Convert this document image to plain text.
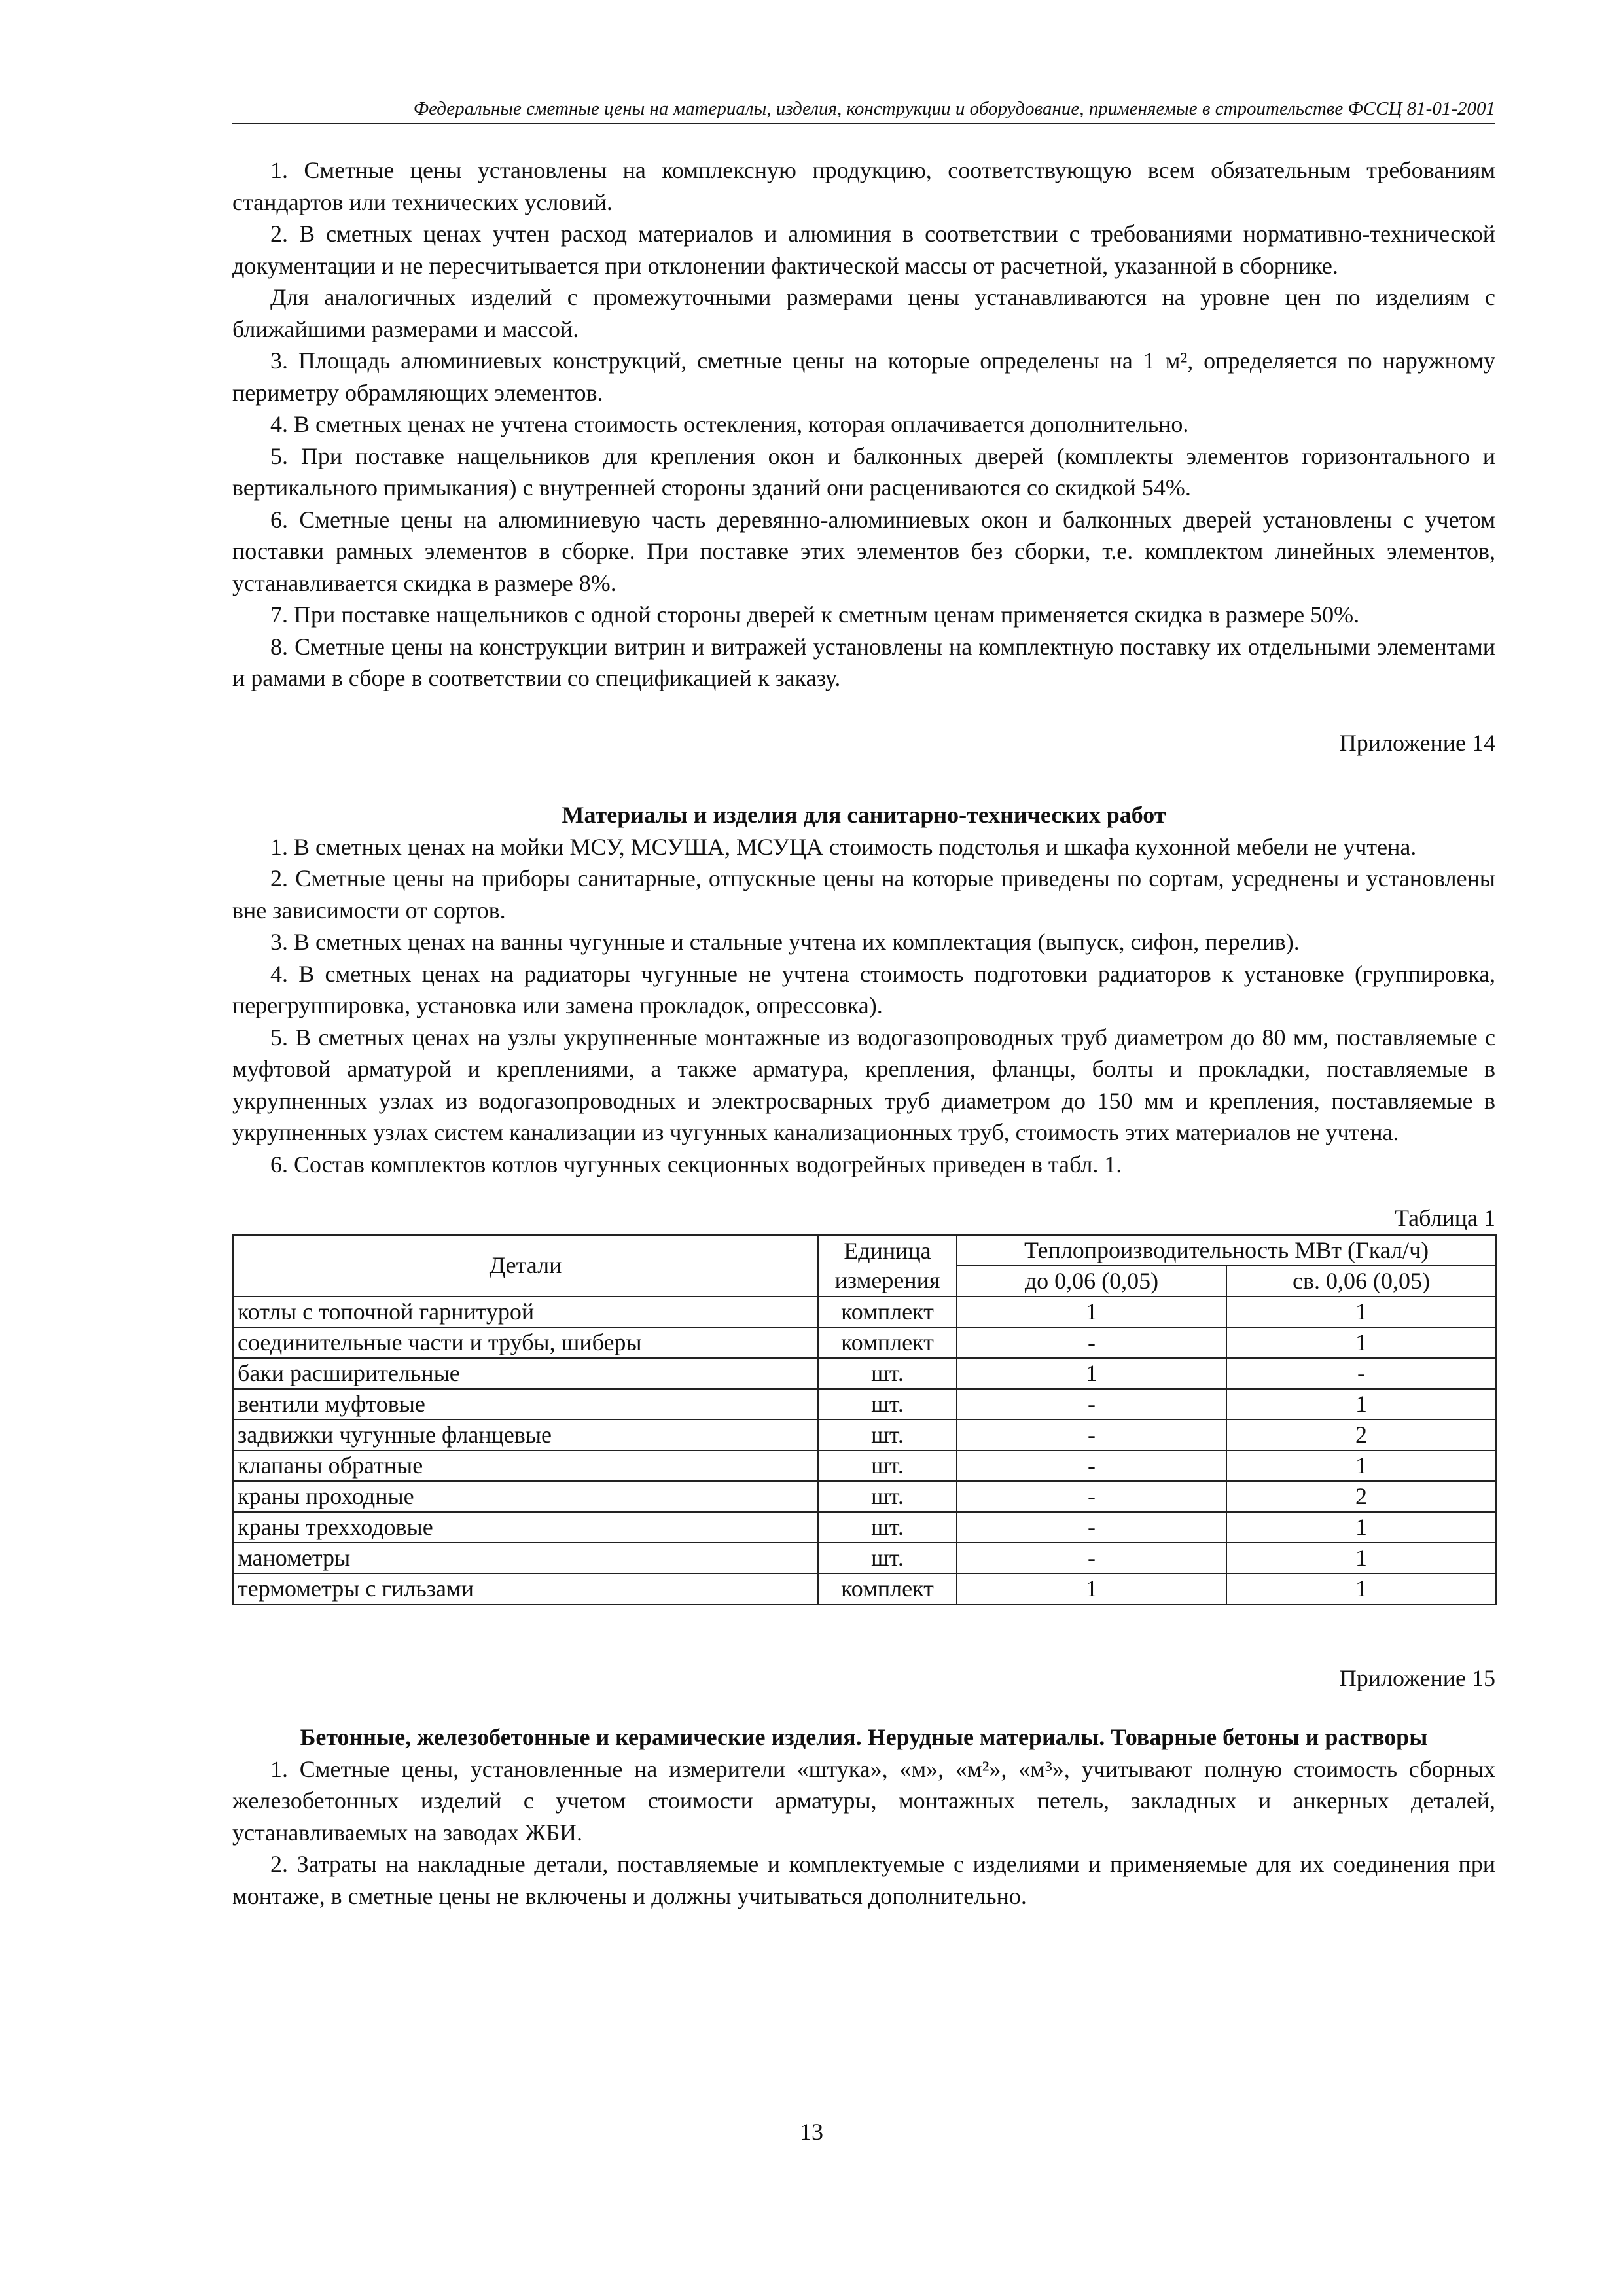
Федеральные сметные цены на материалы, изделия, конструкции и оборудование, применяемые в строительстве ФССЦ 81-01-2001

1. Сметные цены установлены на комплексную продукцию, соответствующую всем обязательным требованиям стандартов или технических условий.

2. В сметных ценах учтен расход материалов и алюминия в соответствии с требованиями нормативно-технической документации и не пересчитывается при отклонении фактической массы от расчетной, указанной в сборнике.

Для аналогичных изделий с промежуточными размерами цены устанавливаются на уровне цен по изделиям с ближайшими размерами и массой.

3. Площадь алюминиевых конструкций, сметные цены на которые определены на 1 м², определяется по наружному периметру обрамляющих элементов.

4. В сметных ценах не учтена стоимость остекления, которая оплачивается дополнительно.

5. При поставке нащельников для крепления окон и балконных дверей (комплекты элементов горизонтального и вертикального примыкания) с внутренней стороны зданий они расцениваются со скидкой 54%.

6. Сметные цены на алюминиевую часть деревянно-алюминиевых окон и балконных дверей установлены с учетом поставки рамных элементов в сборке. При поставке этих элементов без сборки, т.е. комплектом линейных элементов, устанавливается скидка в размере 8%.

7. При поставке нащельников с одной стороны дверей к сметным ценам применяется скидка в размере 50%.

8. Сметные цены на конструкции витрин и витражей установлены на комплектную поставку их отдельными элементами и рамами в сборе в соответствии со спецификацией к заказу.

Приложение 14

Материалы и изделия для санитарно-технических работ

1. В сметных ценах на мойки МСУ, МСУША, МСУЦА стоимость подстолья и шкафа кухонной мебели не учтена.

2. Сметные цены на приборы санитарные, отпускные цены на которые приведены по сортам, усреднены и установлены вне зависимости от сортов.

3. В сметных ценах на ванны чугунные и стальные учтена их комплектация (выпуск, сифон, перелив).

4. В сметных ценах на радиаторы чугунные не учтена стоимость подготовки радиаторов к установке (группировка, перегруппировка, установка или замена прокладок, опрессовка).

5. В сметных ценах на узлы укрупненные монтажные из водогазопроводных труб диаметром до 80 мм, поставляемые с муфтовой арматурой и креплениями, а также арматура, крепления, фланцы, болты и прокладки, поставляемые в укрупненных узлах из водогазопроводных и электросварных труб диаметром до 150 мм и крепления, поставляемые в укрупненных узлах систем канализации из чугунных канализационных труб, стоимость этих материалов не учтена.

6. Состав комплектов котлов чугунных секционных водогрейных приведен в табл. 1.

Таблица 1

Детали	Единица измерения	Теплопроизводительность МВт (Гкал/ч)	
		до 0,06 (0,05)	св. 0,06 (0,05)
котлы с топочной гарнитурой	комплект	1	1
соединительные части и трубы, шиберы	комплект	-	1
баки расширительные	шт.	1	-
вентили муфтовые	шт.	-	1
задвижки чугунные фланцевые	шт.	-	2
клапаны обратные	шт.	-	1
краны проходные	шт.	-	2
краны трехходовые	шт.	-	1
манометры	шт.	-	1
термометры с гильзами	комплект	1	1

Приложение 15

Бетонные, железобетонные и керамические изделия. Нерудные материалы. Товарные бетоны и растворы

1. Сметные цены, установленные на измерители «штука», «м», «м²», «м³», учитывают полную стоимость сборных железобетонных изделий с учетом стоимости арматуры, монтажных петель, закладных и анкерных деталей, устанавливаемых на заводах ЖБИ.

2. Затраты на накладные детали, поставляемые и комплектуемые с изделиями и применяемые для их соединения при монтаже, в сметные цены не включены и должны учитываться дополнительно.

13
